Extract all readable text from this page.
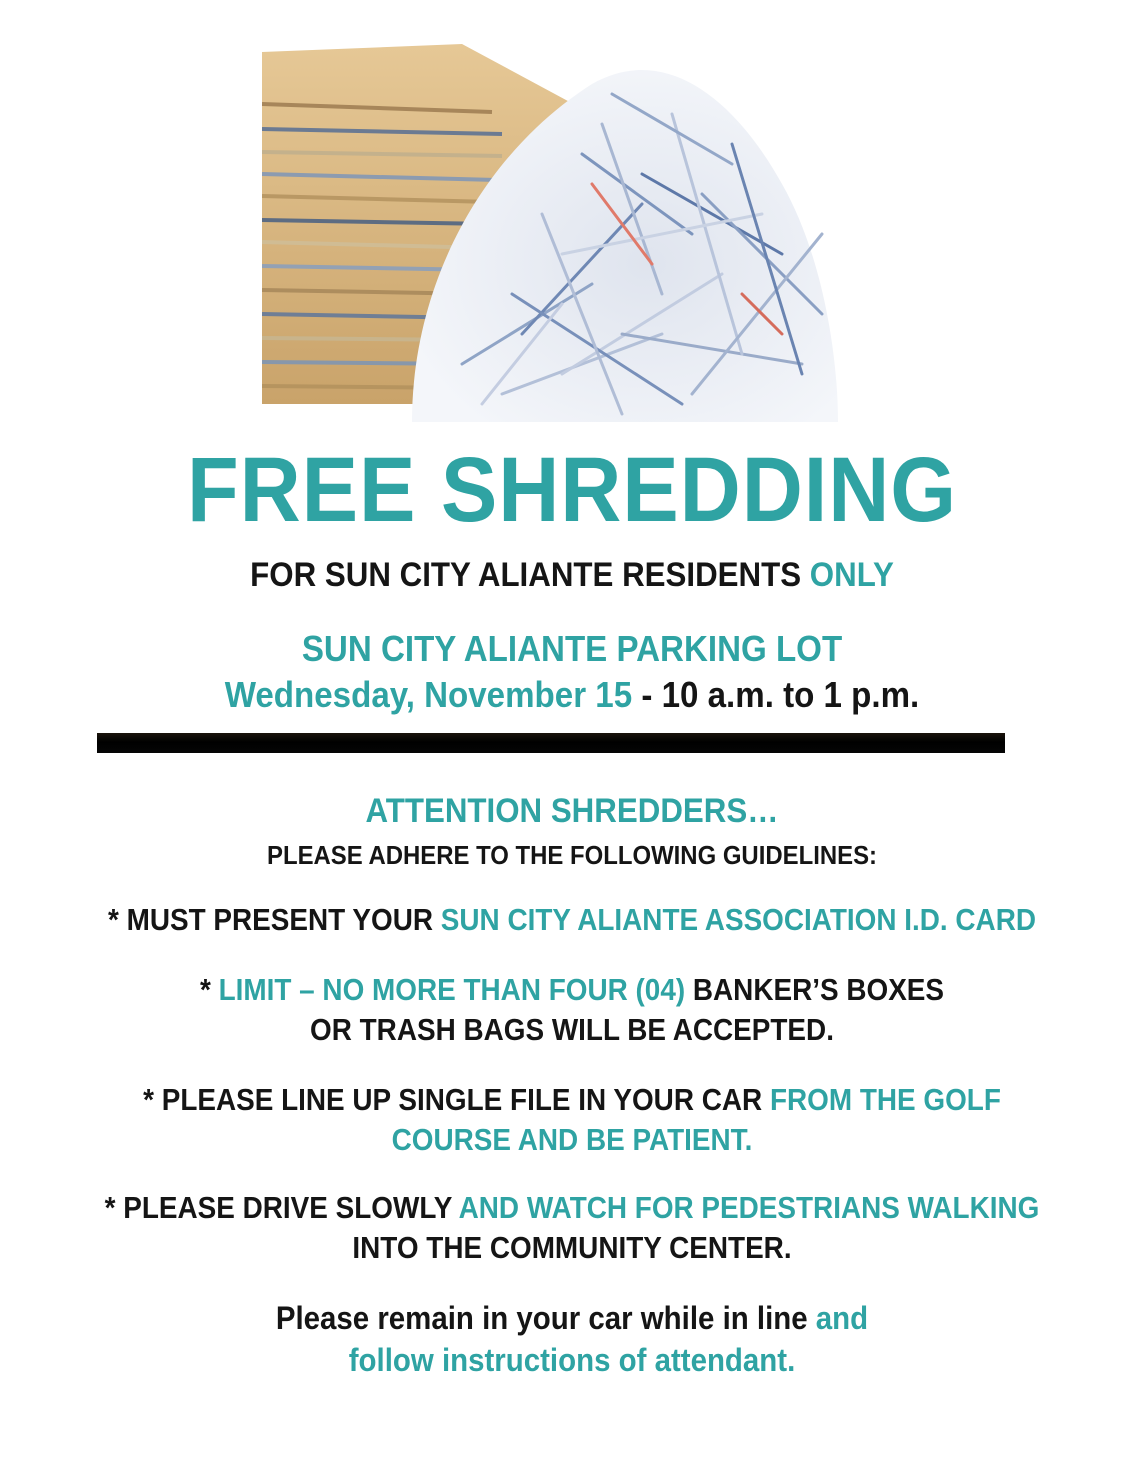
FREE SHREDDING
FOR SUN CITY ALIANTE RESIDENTS ONLY
SUN CITY ALIANTE PARKING LOT
Wednesday, November 15 - 10 a.m. to 1 p.m.
ATTENTION SHREDDERS…
PLEASE ADHERE TO THE FOLLOWING GUIDELINES:
* MUST PRESENT YOUR SUN CITY ALIANTE ASSOCIATION I.D. CARD
* LIMIT – NO MORE THAN FOUR (04) BANKER’S BOXES
OR TRASH BAGS WILL BE ACCEPTED.
* PLEASE LINE UP SINGLE FILE IN YOUR CAR FROM THE GOLF
COURSE AND BE PATIENT.
* PLEASE DRIVE SLOWLY AND WATCH FOR PEDESTRIANS WALKING
INTO THE COMMUNITY CENTER.
Please remain in your car while in line and
follow instructions of attendant.
